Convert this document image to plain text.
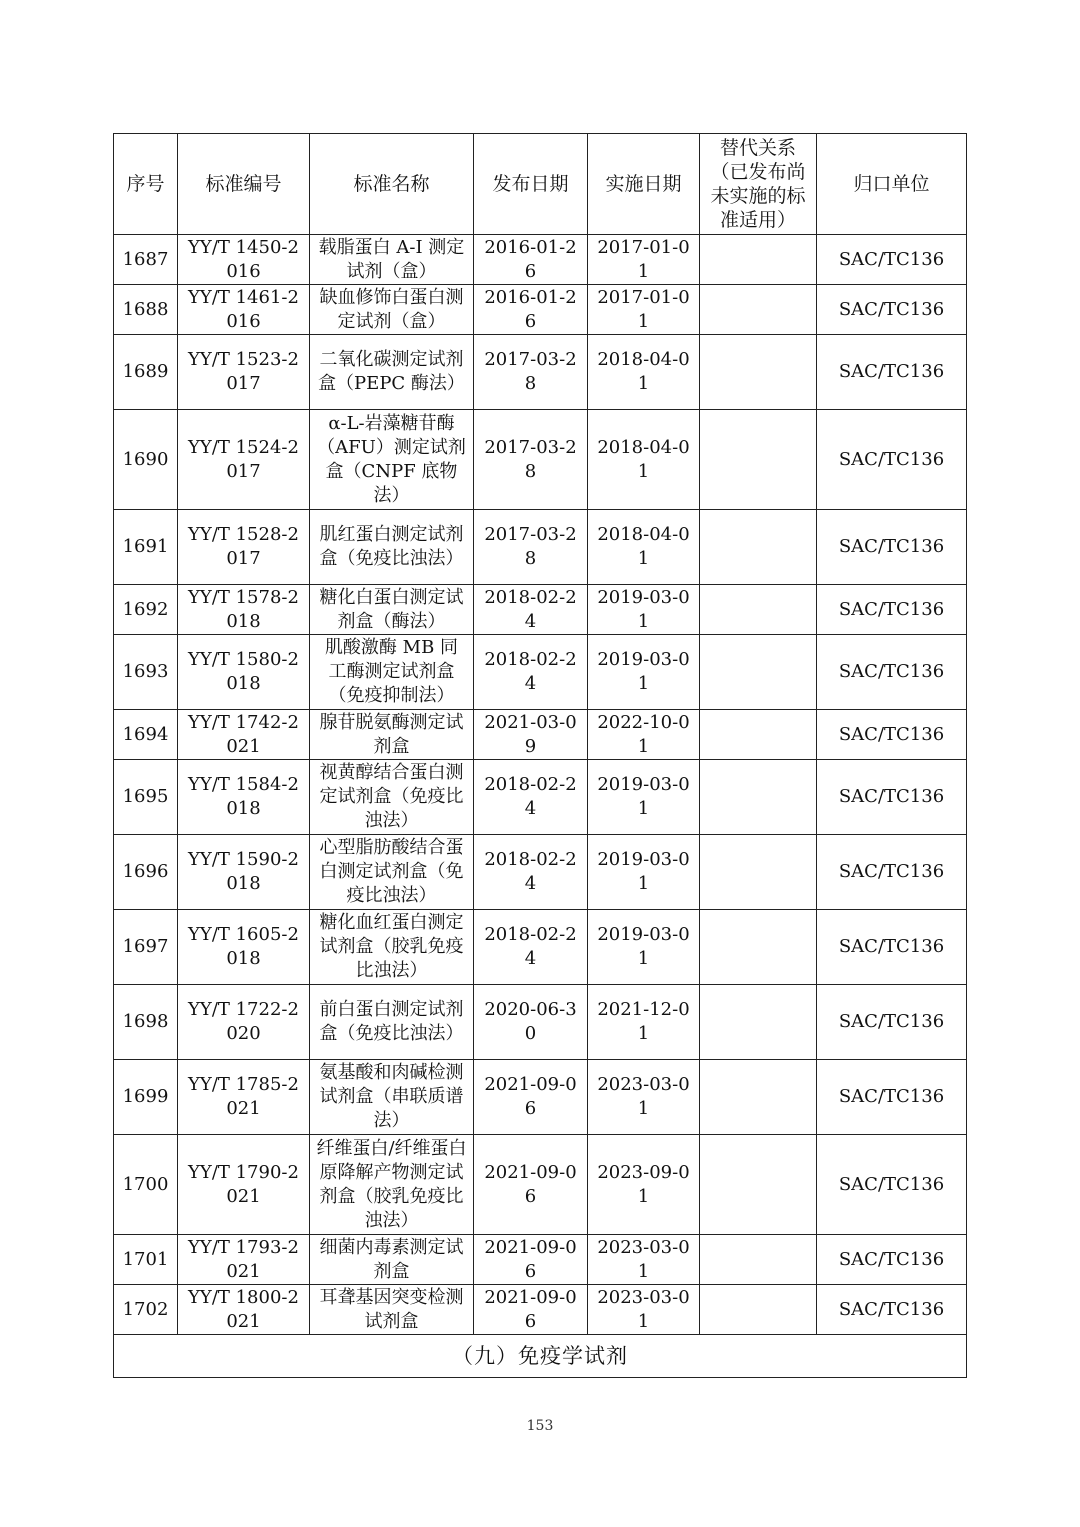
序号	标准编号	标准名称	发布日期	实施日期	替代关系（已发布尚未实施的标准适用）	归口单位
1687	YY/T 1450-2016	载脂蛋白 A-I 测定试剂（盒）	2016-01-26	2017-01-01		SAC/TC136
1688	YY/T 1461-2016	缺血修饰白蛋白测定试剂（盒）	2016-01-26	2017-01-01		SAC/TC136
1689	YY/T 1523-2017	二氧化碳测定试剂盒（PEPC 酶法）	2017-03-28	2018-04-01		SAC/TC136
1690	YY/T 1524-2017	α-L-岩藻糖苷酶（AFU）测定试剂盒（CNPF 底物法）	2017-03-28	2018-04-01		SAC/TC136
1691	YY/T 1528-2017	肌红蛋白测定试剂盒（免疫比浊法）	2017-03-28	2018-04-01		SAC/TC136
1692	YY/T 1578-2018	糖化白蛋白测定试剂盒（酶法）	2018-02-24	2019-03-01		SAC/TC136
1693	YY/T 1580-2018	肌酸激酶 MB 同工酶测定试剂盒（免疫抑制法）	2018-02-24	2019-03-01		SAC/TC136
1694	YY/T 1742-2021	腺苷脱氨酶测定试剂盒	2021-03-09	2022-10-01		SAC/TC136
1695	YY/T 1584-2018	视黄醇结合蛋白测定试剂盒（免疫比浊法）	2018-02-24	2019-03-01		SAC/TC136
1696	YY/T 1590-2018	心型脂肪酸结合蛋白测定试剂盒（免疫比浊法）	2018-02-24	2019-03-01		SAC/TC136
1697	YY/T 1605-2018	糖化血红蛋白测定试剂盒（胶乳免疫比浊法）	2018-02-24	2019-03-01		SAC/TC136
1698	YY/T 1722-2020	前白蛋白测定试剂盒（免疫比浊法）	2020-06-30	2021-12-01		SAC/TC136
1699	YY/T 1785-2021	氨基酸和肉碱检测试剂盒（串联质谱法）	2021-09-06	2023-03-01		SAC/TC136
1700	YY/T 1790-2021	纤维蛋白/纤维蛋白原降解产物测定试剂盒（胶乳免疫比浊法）	2021-09-06	2023-09-01		SAC/TC136
1701	YY/T 1793-2021	细菌内毒素测定试剂盒	2021-09-06	2023-03-01		SAC/TC136
1702	YY/T 1800-2021	耳聋基因突变检测试剂盒	2021-09-06	2023-03-01		SAC/TC136
（九）免疫学试剂						
153
